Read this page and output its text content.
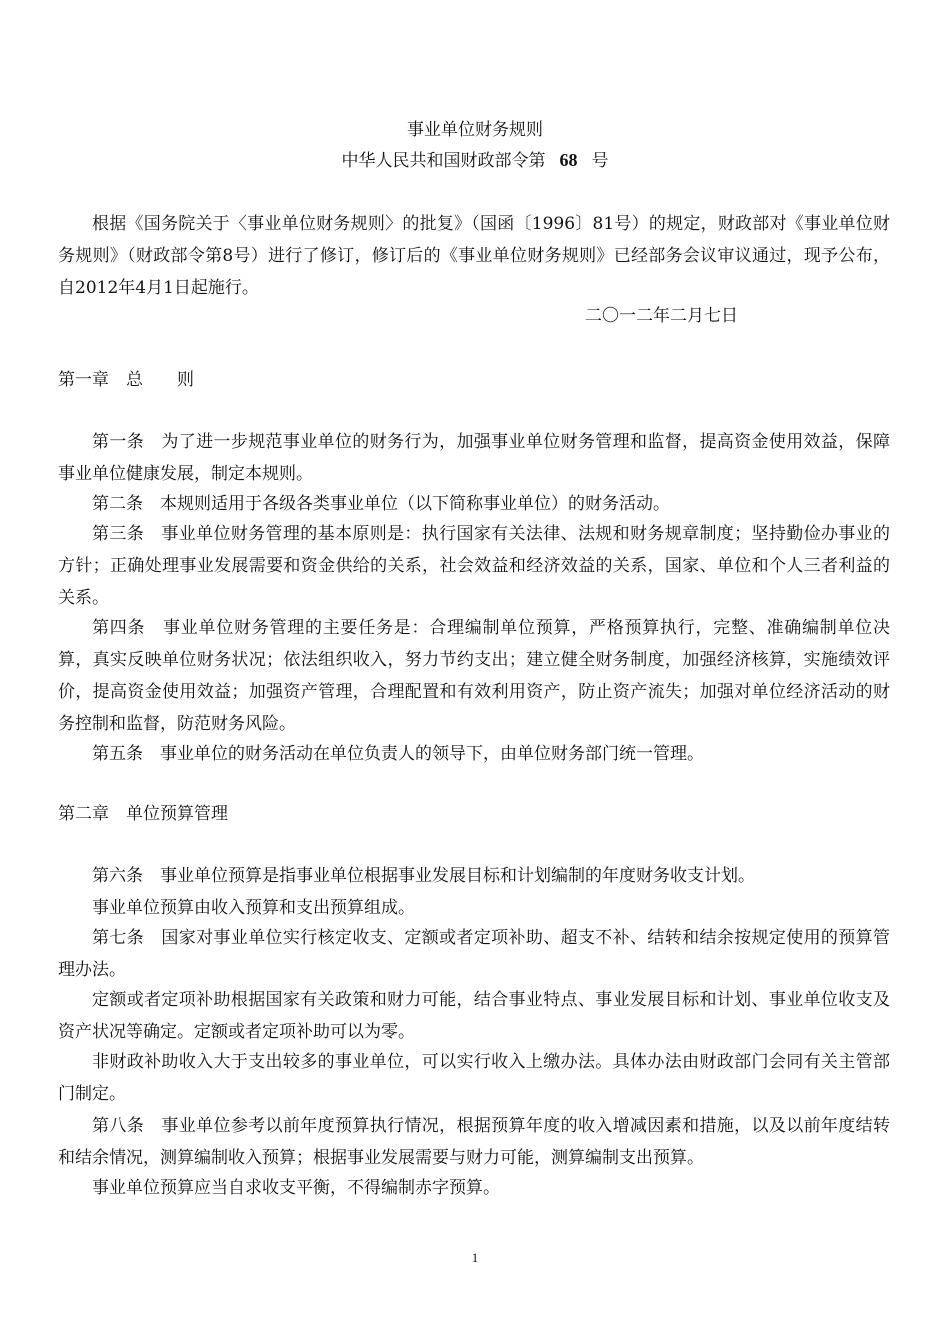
事业单位财务规则
中华人民共和国财政部令第 68 号
根据《国务院关于〈事业单位财务规则〉的批复》（国函〔1996〕81号）的规定，财政部对《事业单位财务规则》（财政部令第8号）进行了修订，修订后的《事业单位财务规则》已经部务会议审议通过，现予公布，自2012年4月1日起施行。
二〇一二年二月七日
第一章　总　　则
第一条　为了进一步规范事业单位的财务行为，加强事业单位财务管理和监督，提高资金使用效益，保障事业单位健康发展，制定本规则。
第二条　本规则适用于各级各类事业单位（以下简称事业单位）的财务活动。
第三条　事业单位财务管理的基本原则是：执行国家有关法律、法规和财务规章制度；坚持勤俭办事业的方针；正确处理事业发展需要和资金供给的关系，社会效益和经济效益的关系，国家、单位和个人三者利益的关系。
第四条　事业单位财务管理的主要任务是：合理编制单位预算，严格预算执行，完整、准确编制单位决算，真实反映单位财务状况；依法组织收入，努力节约支出；建立健全财务制度，加强经济核算，实施绩效评价，提高资金使用效益；加强资产管理，合理配置和有效利用资产，防止资产流失；加强对单位经济活动的财务控制和监督，防范财务风险。
第五条　事业单位的财务活动在单位负责人的领导下，由单位财务部门统一管理。
第二章　单位预算管理
第六条　事业单位预算是指事业单位根据事业发展目标和计划编制的年度财务收支计划。
事业单位预算由收入预算和支出预算组成。
第七条　国家对事业单位实行核定收支、定额或者定项补助、超支不补、结转和结余按规定使用的预算管理办法。
定额或者定项补助根据国家有关政策和财力可能，结合事业特点、事业发展目标和计划、事业单位收支及资产状况等确定。定额或者定项补助可以为零。
非财政补助收入大于支出较多的事业单位，可以实行收入上缴办法。具体办法由财政部门会同有关主管部门制定。
第八条　事业单位参考以前年度预算执行情况，根据预算年度的收入增减因素和措施，以及以前年度结转和结余情况，测算编制收入预算；根据事业发展需要与财力可能，测算编制支出预算。
事业单位预算应当自求收支平衡，不得编制赤字预算。
1
